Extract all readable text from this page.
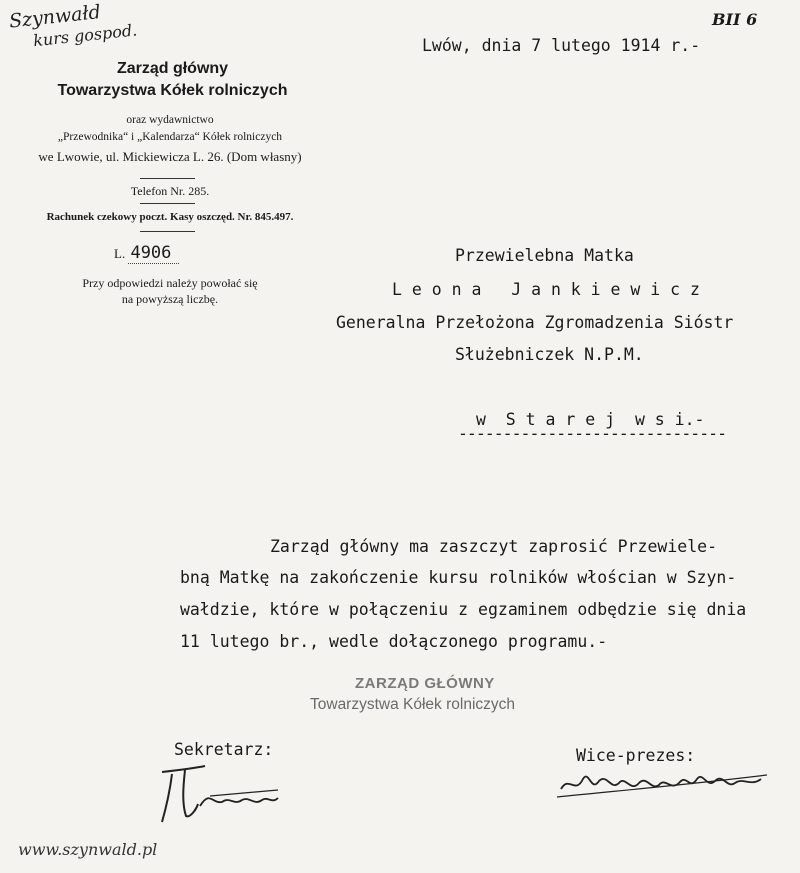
Szynwałd
kurs gospod.
BII 6
Zarząd główny
Towarzystwa Kółek rolniczych
oraz wydawnictwo
„Przewodnika“ i „Kalendarza“ Kółek rolniczych
we Lwowie, ul. Mickiewicza L. 26. (Dom własny)
Telefon Nr. 285.
Rachunek czekowy poczt. Kasy oszczęd. Nr. 845.497.
L. 4906
Przy odpowiedzi należy powołać się
na powyższą liczbę.
Lwów, dnia 7 lutego 1914 r.-
Przewielebna Matka
L e o n a   J a n k i e w i c z
Generalna Przełożona Zgromadzenia Sióstr
Służebniczek N.P.M.
w  S t a r e j  w s i.-
------------------------------
Zarząd główny ma zaszczyt zaprosić Przewiele-
bną Matkę na zakończenie kursu rolników włościan w Szyn-
wałdzie, które w połączeniu z egzaminem odbędzie się dnia
11 lutego br., wedle dołączonego programu.-
ZARZĄD GŁÓWNY
Towarzystwa Kółek rolniczych
Sekretarz:	Wice-prezes:
www.szynwald.pl
